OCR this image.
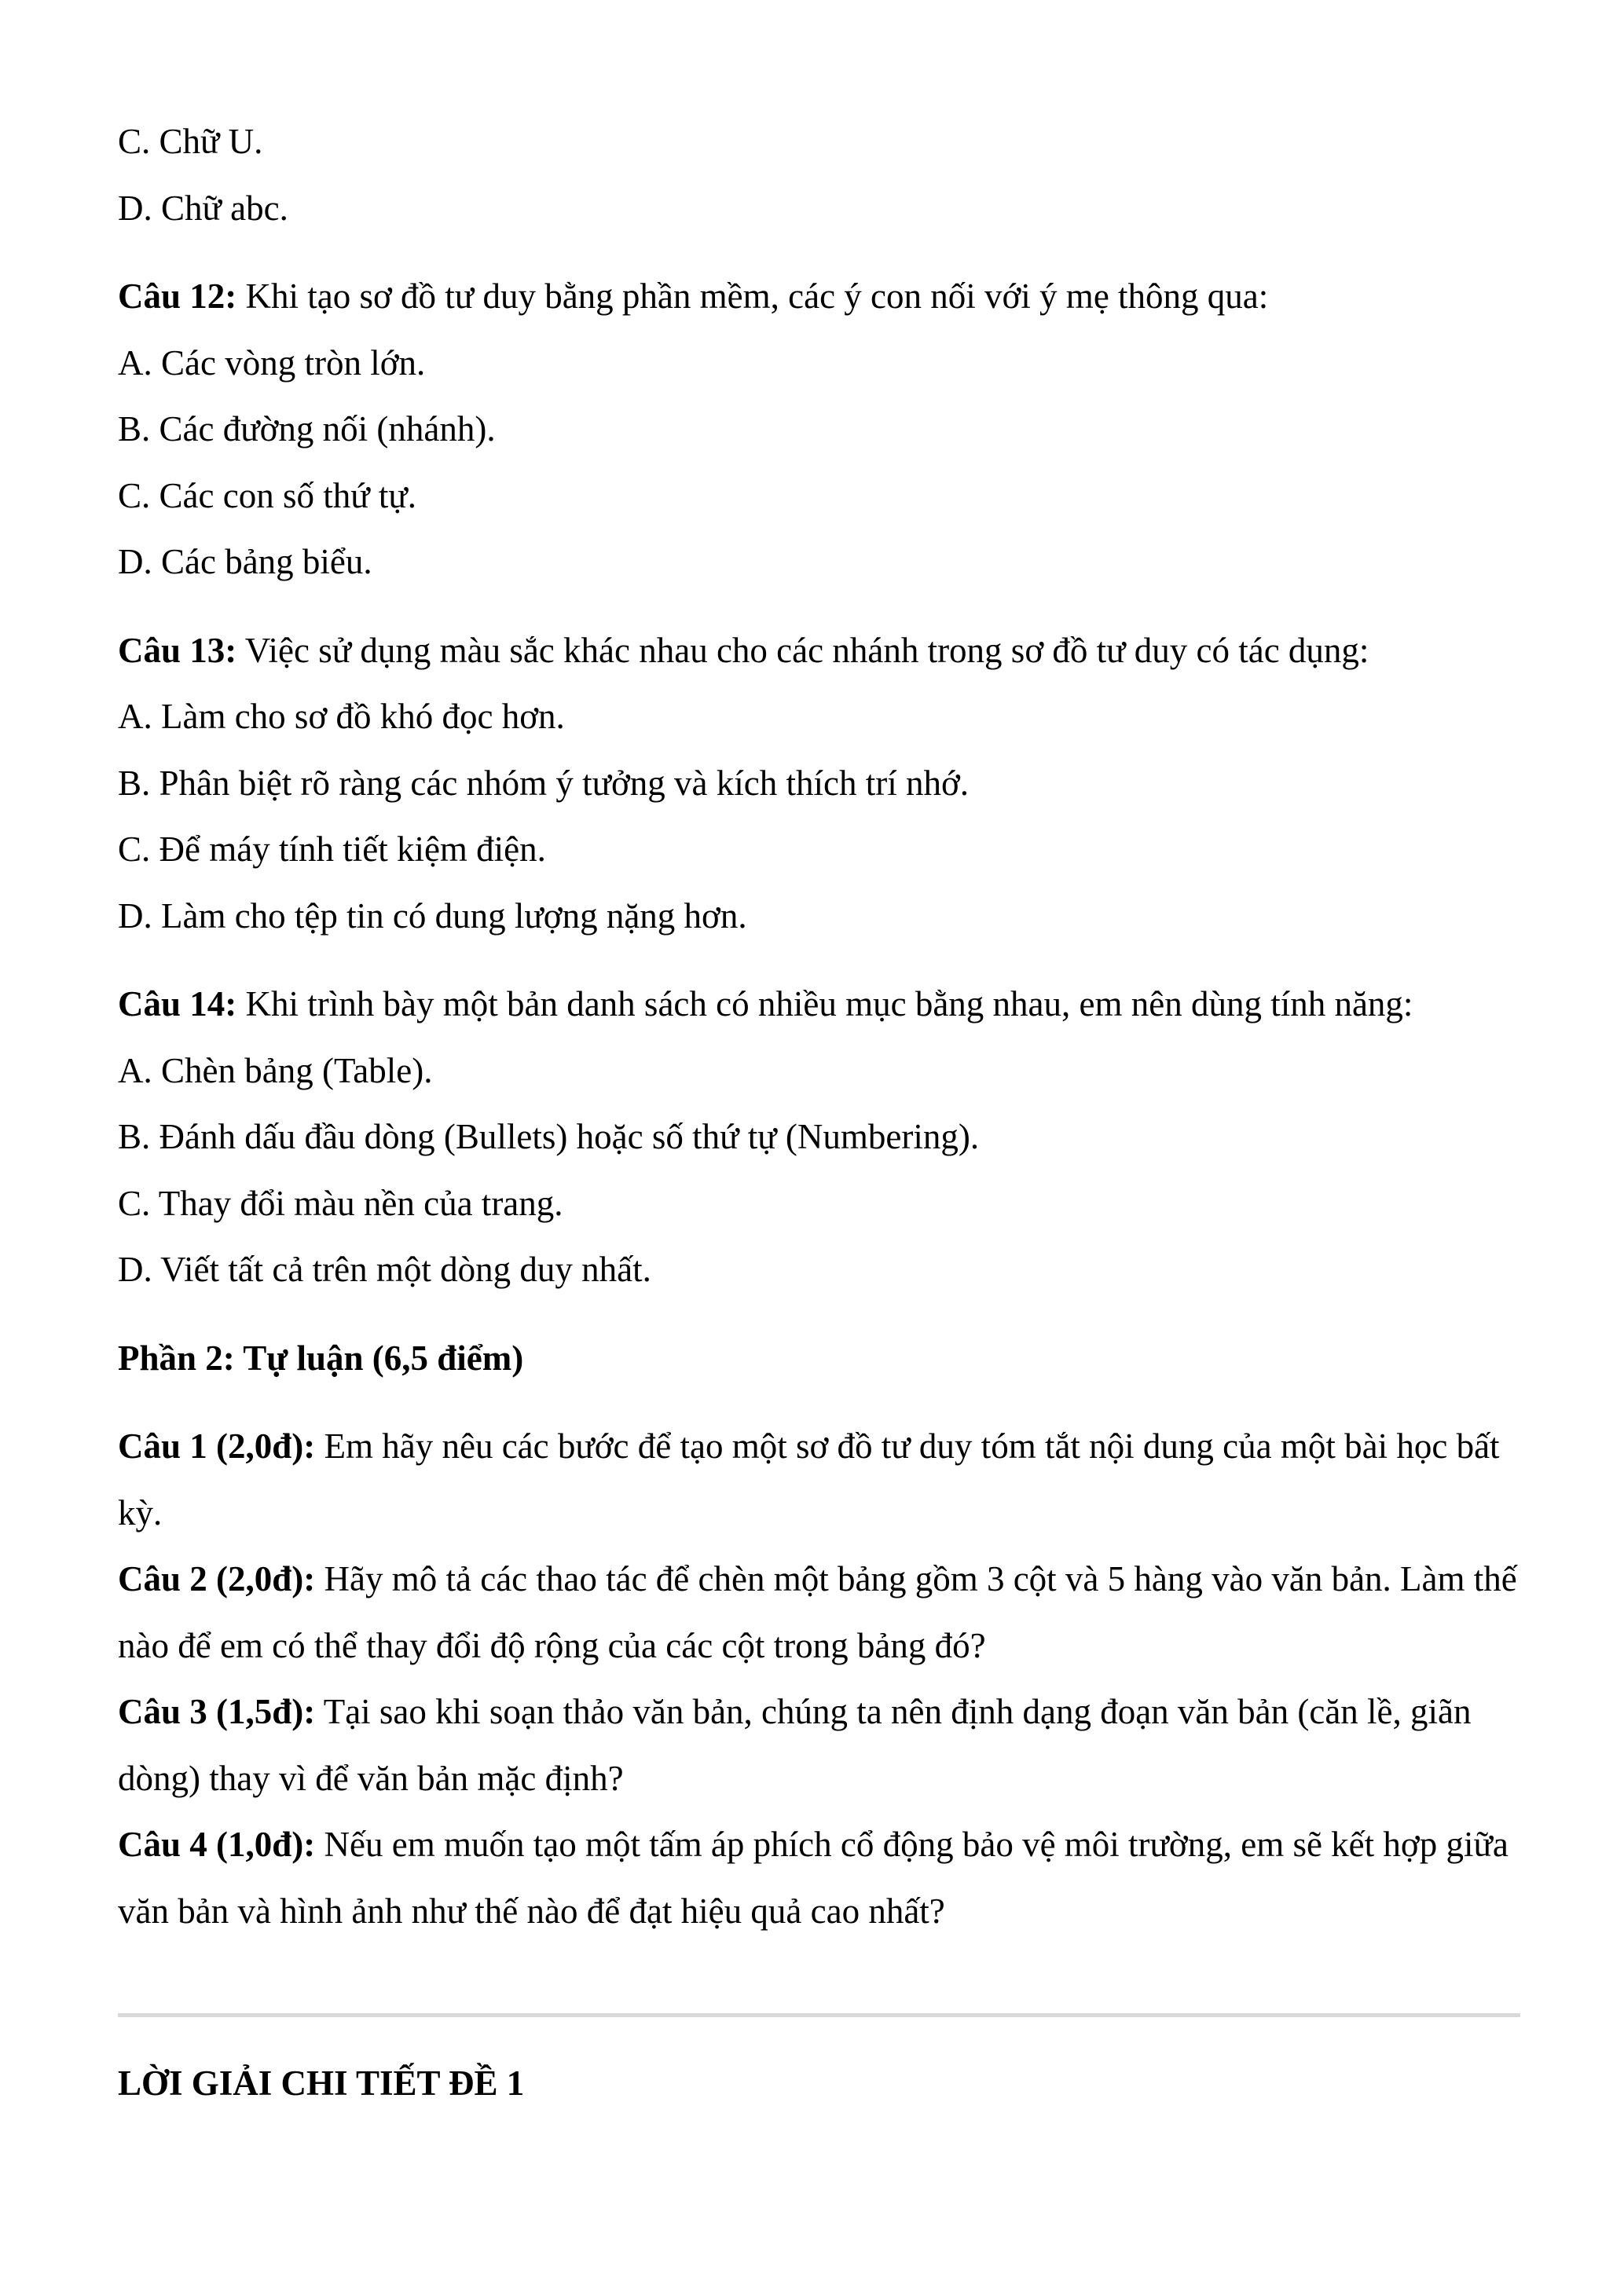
C. Chữ U.
D. Chữ abc.
Câu 12: Khi tạo sơ đồ tư duy bằng phần mềm, các ý con nối với ý mẹ thông qua:
A. Các vòng tròn lớn.
B. Các đường nối (nhánh).
C. Các con số thứ tự.
D. Các bảng biểu.
Câu 13: Việc sử dụng màu sắc khác nhau cho các nhánh trong sơ đồ tư duy có tác dụng:
A. Làm cho sơ đồ khó đọc hơn.
B. Phân biệt rõ ràng các nhóm ý tưởng và kích thích trí nhớ.
C. Để máy tính tiết kiệm điện.
D. Làm cho tệp tin có dung lượng nặng hơn.
Câu 14: Khi trình bày một bản danh sách có nhiều mục bằng nhau, em nên dùng tính năng:
A. Chèn bảng (Table).
B. Đánh dấu đầu dòng (Bullets) hoặc số thứ tự (Numbering).
C. Thay đổi màu nền của trang.
D. Viết tất cả trên một dòng duy nhất.
Phần 2: Tự luận (6,5 điểm)
Câu 1 (2,0đ): Em hãy nêu các bước để tạo một sơ đồ tư duy tóm tắt nội dung của một bài học bất kỳ.
Câu 2 (2,0đ): Hãy mô tả các thao tác để chèn một bảng gồm 3 cột và 5 hàng vào văn bản. Làm thế nào để em có thể thay đổi độ rộng của các cột trong bảng đó?
Câu 3 (1,5đ): Tại sao khi soạn thảo văn bản, chúng ta nên định dạng đoạn văn bản (căn lề, giãn dòng) thay vì để văn bản mặc định?
Câu 4 (1,0đ): Nếu em muốn tạo một tấm áp phích cổ động bảo vệ môi trường, em sẽ kết hợp giữa văn bản và hình ảnh như thế nào để đạt hiệu quả cao nhất?
LỜI GIẢI CHI TIẾT ĐỀ 1
